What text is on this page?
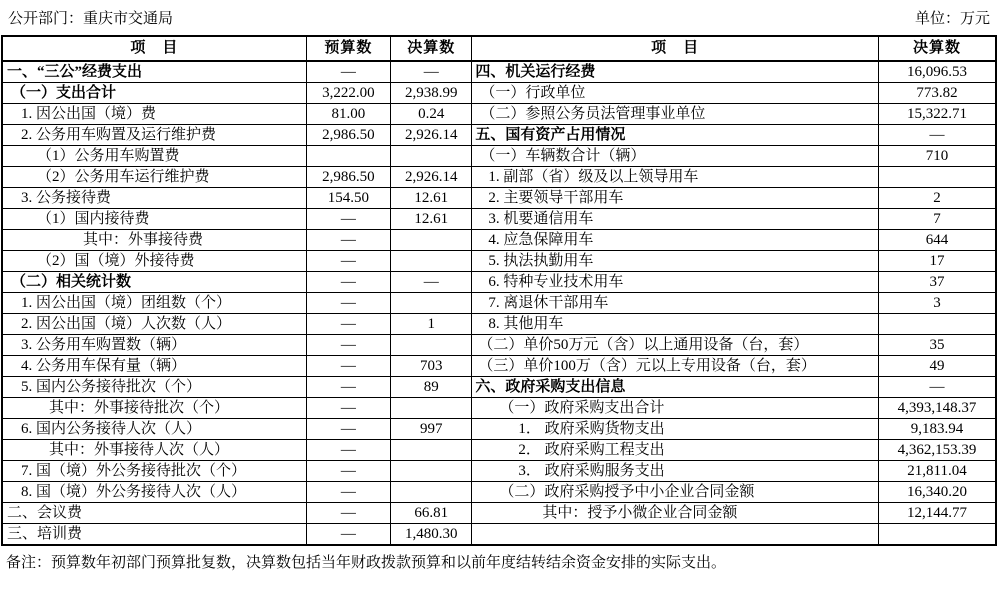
公开部门：重庆市交通局	单位：万元
项　目	预算数	决算数	项　目	决算数
一、“三公”经费支出	—	—	四、机关运行经费	16,096.53
（一）支出合计	3,222.00	2,938.99	（一）行政单位	773.82
1. 因公出国（境）费	81.00	0.24	（二）参照公务员法管理事业单位	15,322.71
2. 公务用车购置及运行维护费	2,986.50	2,926.14	五、国有资产占用情况	—
（1）公务用车购置费			（一）车辆数合计（辆）	710
（2）公务用车运行维护费	2,986.50	2,926.14	1. 副部（省）级及以上领导用车	
3. 公务接待费	154.50	12.61	2. 主要领导干部用车	2
（1）国内接待费	—	12.61	3. 机要通信用车	7
其中：外事接待费	—		4. 应急保障用车	644
（2）国（境）外接待费	—		5. 执法执勤用车	17
（二）相关统计数	—	—	6. 特种专业技术用车	37
1. 因公出国（境）团组数（个）	—		7. 离退休干部用车	3
2. 因公出国（境）人次数（人）	—	1	8. 其他用车	
3. 公务用车购置数（辆）	—		（二）单价50万元（含）以上通用设备（台，套）	35
4. 公务用车保有量（辆）	—	703	（三）单价100万（含）元以上专用设备（台，套）	49
5. 国内公务接待批次（个）	—	89	六、政府采购支出信息	—
其中：外事接待批次（个）	—		（一）政府采购支出合计	4,393,148.37
6. 国内公务接待人次（人）	—	997	1． 政府采购货物支出	9,183.94
其中：外事接待人次（人）	—		2． 政府采购工程支出	4,362,153.39
7. 国（境）外公务接待批次（个）	—		3． 政府采购服务支出	21,811.04
8. 国（境）外公务接待人次（人）	—		（二）政府采购授予中小企业合同金额	16,340.20
二、会议费	—	66.81	其中：授予小微企业合同金额	12,144.77
三、培训费	—	1,480.30		
备注：预算数年初部门预算批复数，决算数包括当年财政拨款预算和以前年度结转结余资金安排的实际支出。
